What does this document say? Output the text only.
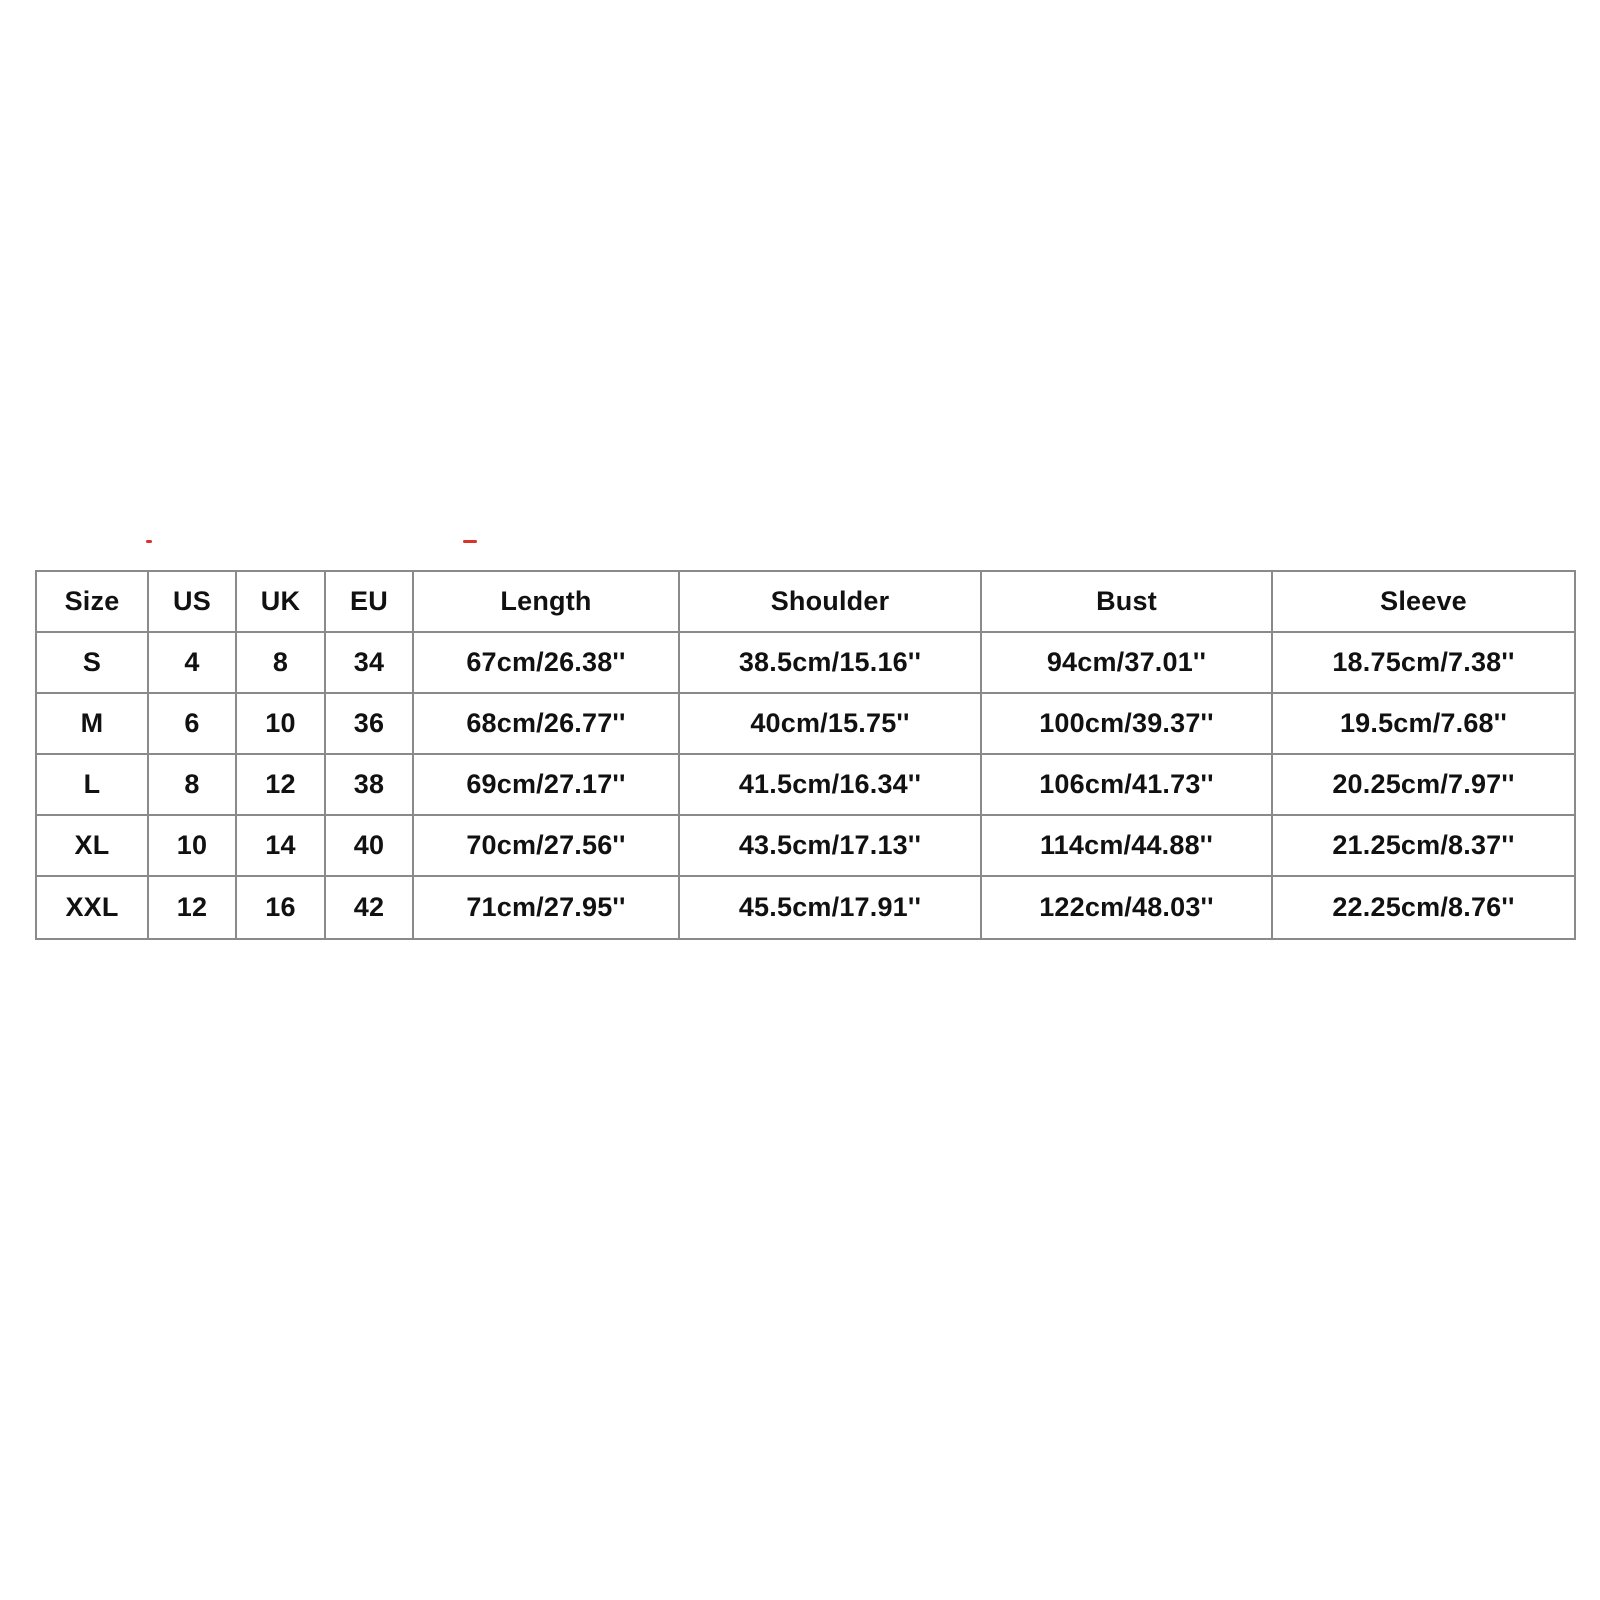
Size	US	UK	EU	Length	Shoulder	Bust	Sleeve
S	4	8	34	67cm/26.38''	38.5cm/15.16''	94cm/37.01''	18.75cm/7.38''
M	6	10	36	68cm/26.77''	40cm/15.75''	100cm/39.37''	19.5cm/7.68''
L	8	12	38	69cm/27.17''	41.5cm/16.34''	106cm/41.73''	20.25cm/7.97''
XL	10	14	40	70cm/27.56''	43.5cm/17.13''	114cm/44.88''	21.25cm/8.37''
XXL	12	16	42	71cm/27.95''	45.5cm/17.91''	122cm/48.03''	22.25cm/8.76''
